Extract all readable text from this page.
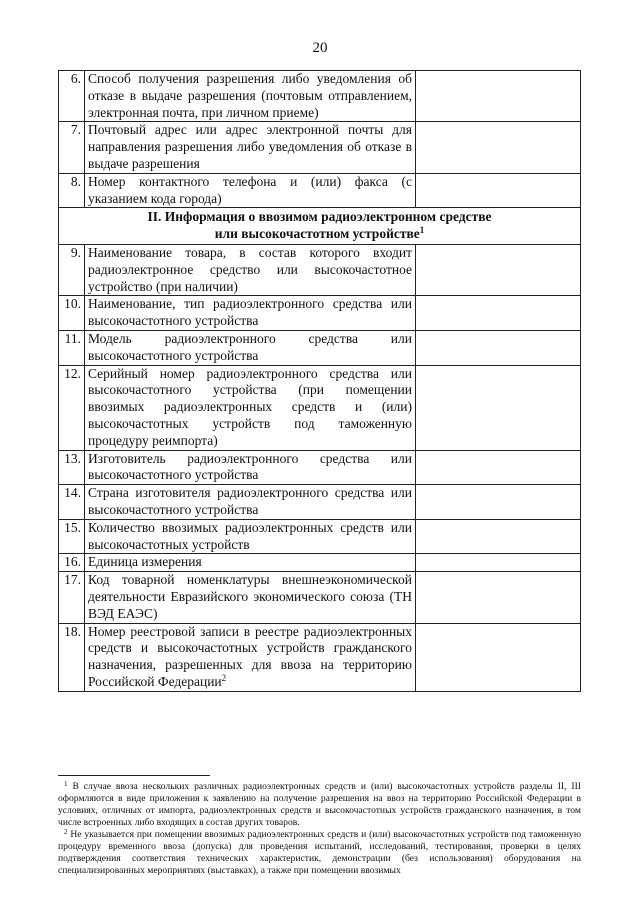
20
6.	Способ получения разрешения либо уведомления об отказе в выдаче разрешения (почтовым отправлением, электронная почта, при личном приеме)	
7.	Почтовый адрес или адрес электронной почты для направления разрешения либо уведомления об отказе в выдаче разрешения	
8.	Номер контактного телефона и (или) факса (с указанием кода города)	
II. Информация о ввозимом радиоэлектронном средстве
или высокочастотном устройстве$^1$
9.	Наименование товара, в состав которого входит радиоэлектронное средство или высокочастотное устройство (при наличии)	
10.	Наименование, тип радиоэлектронного средства или высокочастотного устройства	
11.	Модель радиоэлектронного средства или высокочастотного устройства	
12.	Серийный номер радиоэлектронного средства или высокочастотного устройства (при помещении ввозимых радиоэлектронных средств и (или) высокочастотных устройств под таможенную процедуру реимпорта)	
13.	Изготовитель радиоэлектронного средства или высокочастотного устройства	
14.	Страна изготовителя радиоэлектронного средства или высокочастотного устройства	
15.	Количество ввозимых радиоэлектронных средств или высокочастотных устройств	
16.	Единица измерения	
17.	Код товарной номенклатуры внешнеэкономической деятельности Евразийского экономического союза (ТН ВЭД ЕАЭС)	
18.	Номер реестровой записи в реестре радиоэлектронных средств и высокочастотных устройств гражданского назначения, разрешенных для ввоза на территорию Российской Федерации$^2$	

$^1$ В случае ввоза нескольких различных радиоэлектронных средств и (или) высокочастотных устройств разделы II, III оформляются в виде приложения к заявлению на получение разрешения на ввоз на территорию Российской Федерации в условиях, отличных от импорта, радиоэлектронных средств и высокочастотных устройств гражданского назначения, в том числе встроенных либо входящих в состав других товаров.

$^2$ Не указывается при помещении ввозимых радиоэлектронных средств и (или) высокочастотных устройств под таможенную процедуру временного ввоза (допуска) для проведения испытаний, исследований, тестирования, проверки в целях подтверждения соответствия технических характеристик, демонстрации (без использования) оборудования на специализированных мероприятиях (выставках), а также при помещении ввозимых
